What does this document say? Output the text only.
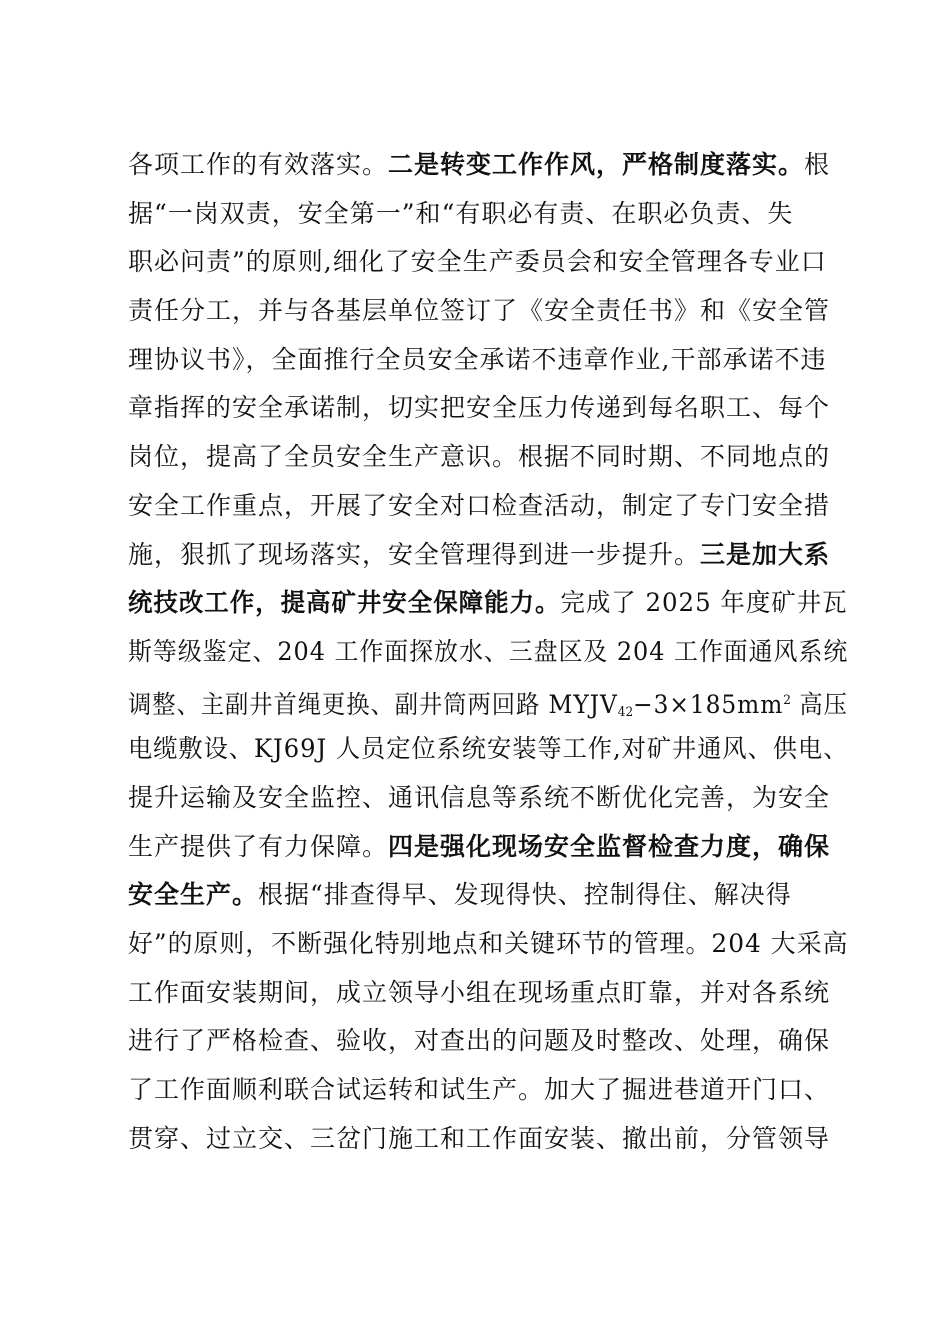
各项工作的有效落实。二是转变工作作风，严格制度落实。根
据“一岗双责，安全第一”和“有职必有责、在职必负责、失
职必问责”的原则,细化了安全生产委员会和安全管理各专业口
责任分工，并与各基层单位签订了《安全责任书》和《安全管
理协议书》，全面推行全员安全承诺不违章作业,干部承诺不违
章指挥的安全承诺制，切实把安全压力传递到每名职工、每个
岗位，提高了全员安全生产意识。根据不同时期、不同地点的
安全工作重点，开展了安全对口检查活动，制定了专门安全措
施，狠抓了现场落实，安全管理得到进一步提升。三是加大系
统技改工作，提高矿井安全保障能力。完成了 2025 年度矿井瓦
斯等级鉴定、204 工作面探放水、三盘区及 204 工作面通风系统
调整、主副井首绳更换、副井筒两回路 $MYJV_{42}-3\times 185mm^2$ 高压
电缆敷设、KJ69J 人员定位系统安装等工作,对矿井通风、供电、
提升运输及安全监控、通讯信息等系统不断优化完善，为安全
生产提供了有力保障。四是强化现场安全监督检查力度，确保
安全生产。根据“排查得早、发现得快、控制得住、解决得
好”的原则，不断强化特别地点和关键环节的管理。204 大采高
工作面安装期间，成立领导小组在现场重点盯靠，并对各系统
进行了严格检查、验收，对查出的问题及时整改、处理，确保
了工作面顺利联合试运转和试生产。加大了掘进巷道开门口、
贯穿、过立交、三岔门施工和工作面安装、撤出前，分管领导
